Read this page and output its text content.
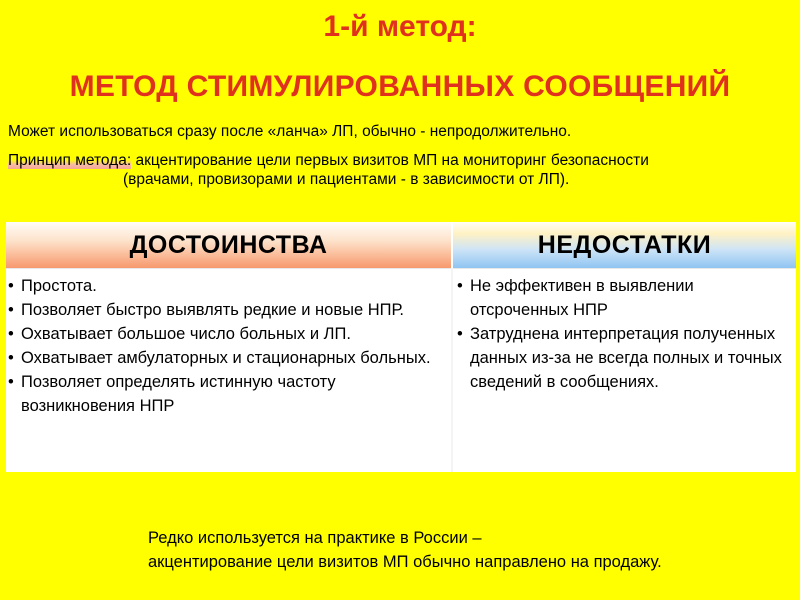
1-й метод:
МЕТОД СТИМУЛИРОВАННЫХ СООБЩЕНИЙ

Может использоваться сразу после «ланча» ЛП, обычно - непродолжительно.

Принцип метода: акцентирование цели первых визитов МП на мониторинг безопасности
(врачами, провизорами и пациентами - в зависимости от ЛП).

ДОСТОИНСТВА	НЕДОСТАТКИ
• Простота.
• Позволяет быстро выявлять редкие и новые НПР.
• Охватывает большое число больных и ЛП.
• Охватывает амбулаторных и стационарных больных.
• Позволяет определять истинную частоту возникновения НПР
• Не эффективен в выявлении отсроченных НПР
• Затруднена интерпретация полученных данных из-за не всегда полных и точных сведений в сообщениях.

Редко используется на практике в России –
акцентирование цели визитов МП обычно направлено на продажу.
